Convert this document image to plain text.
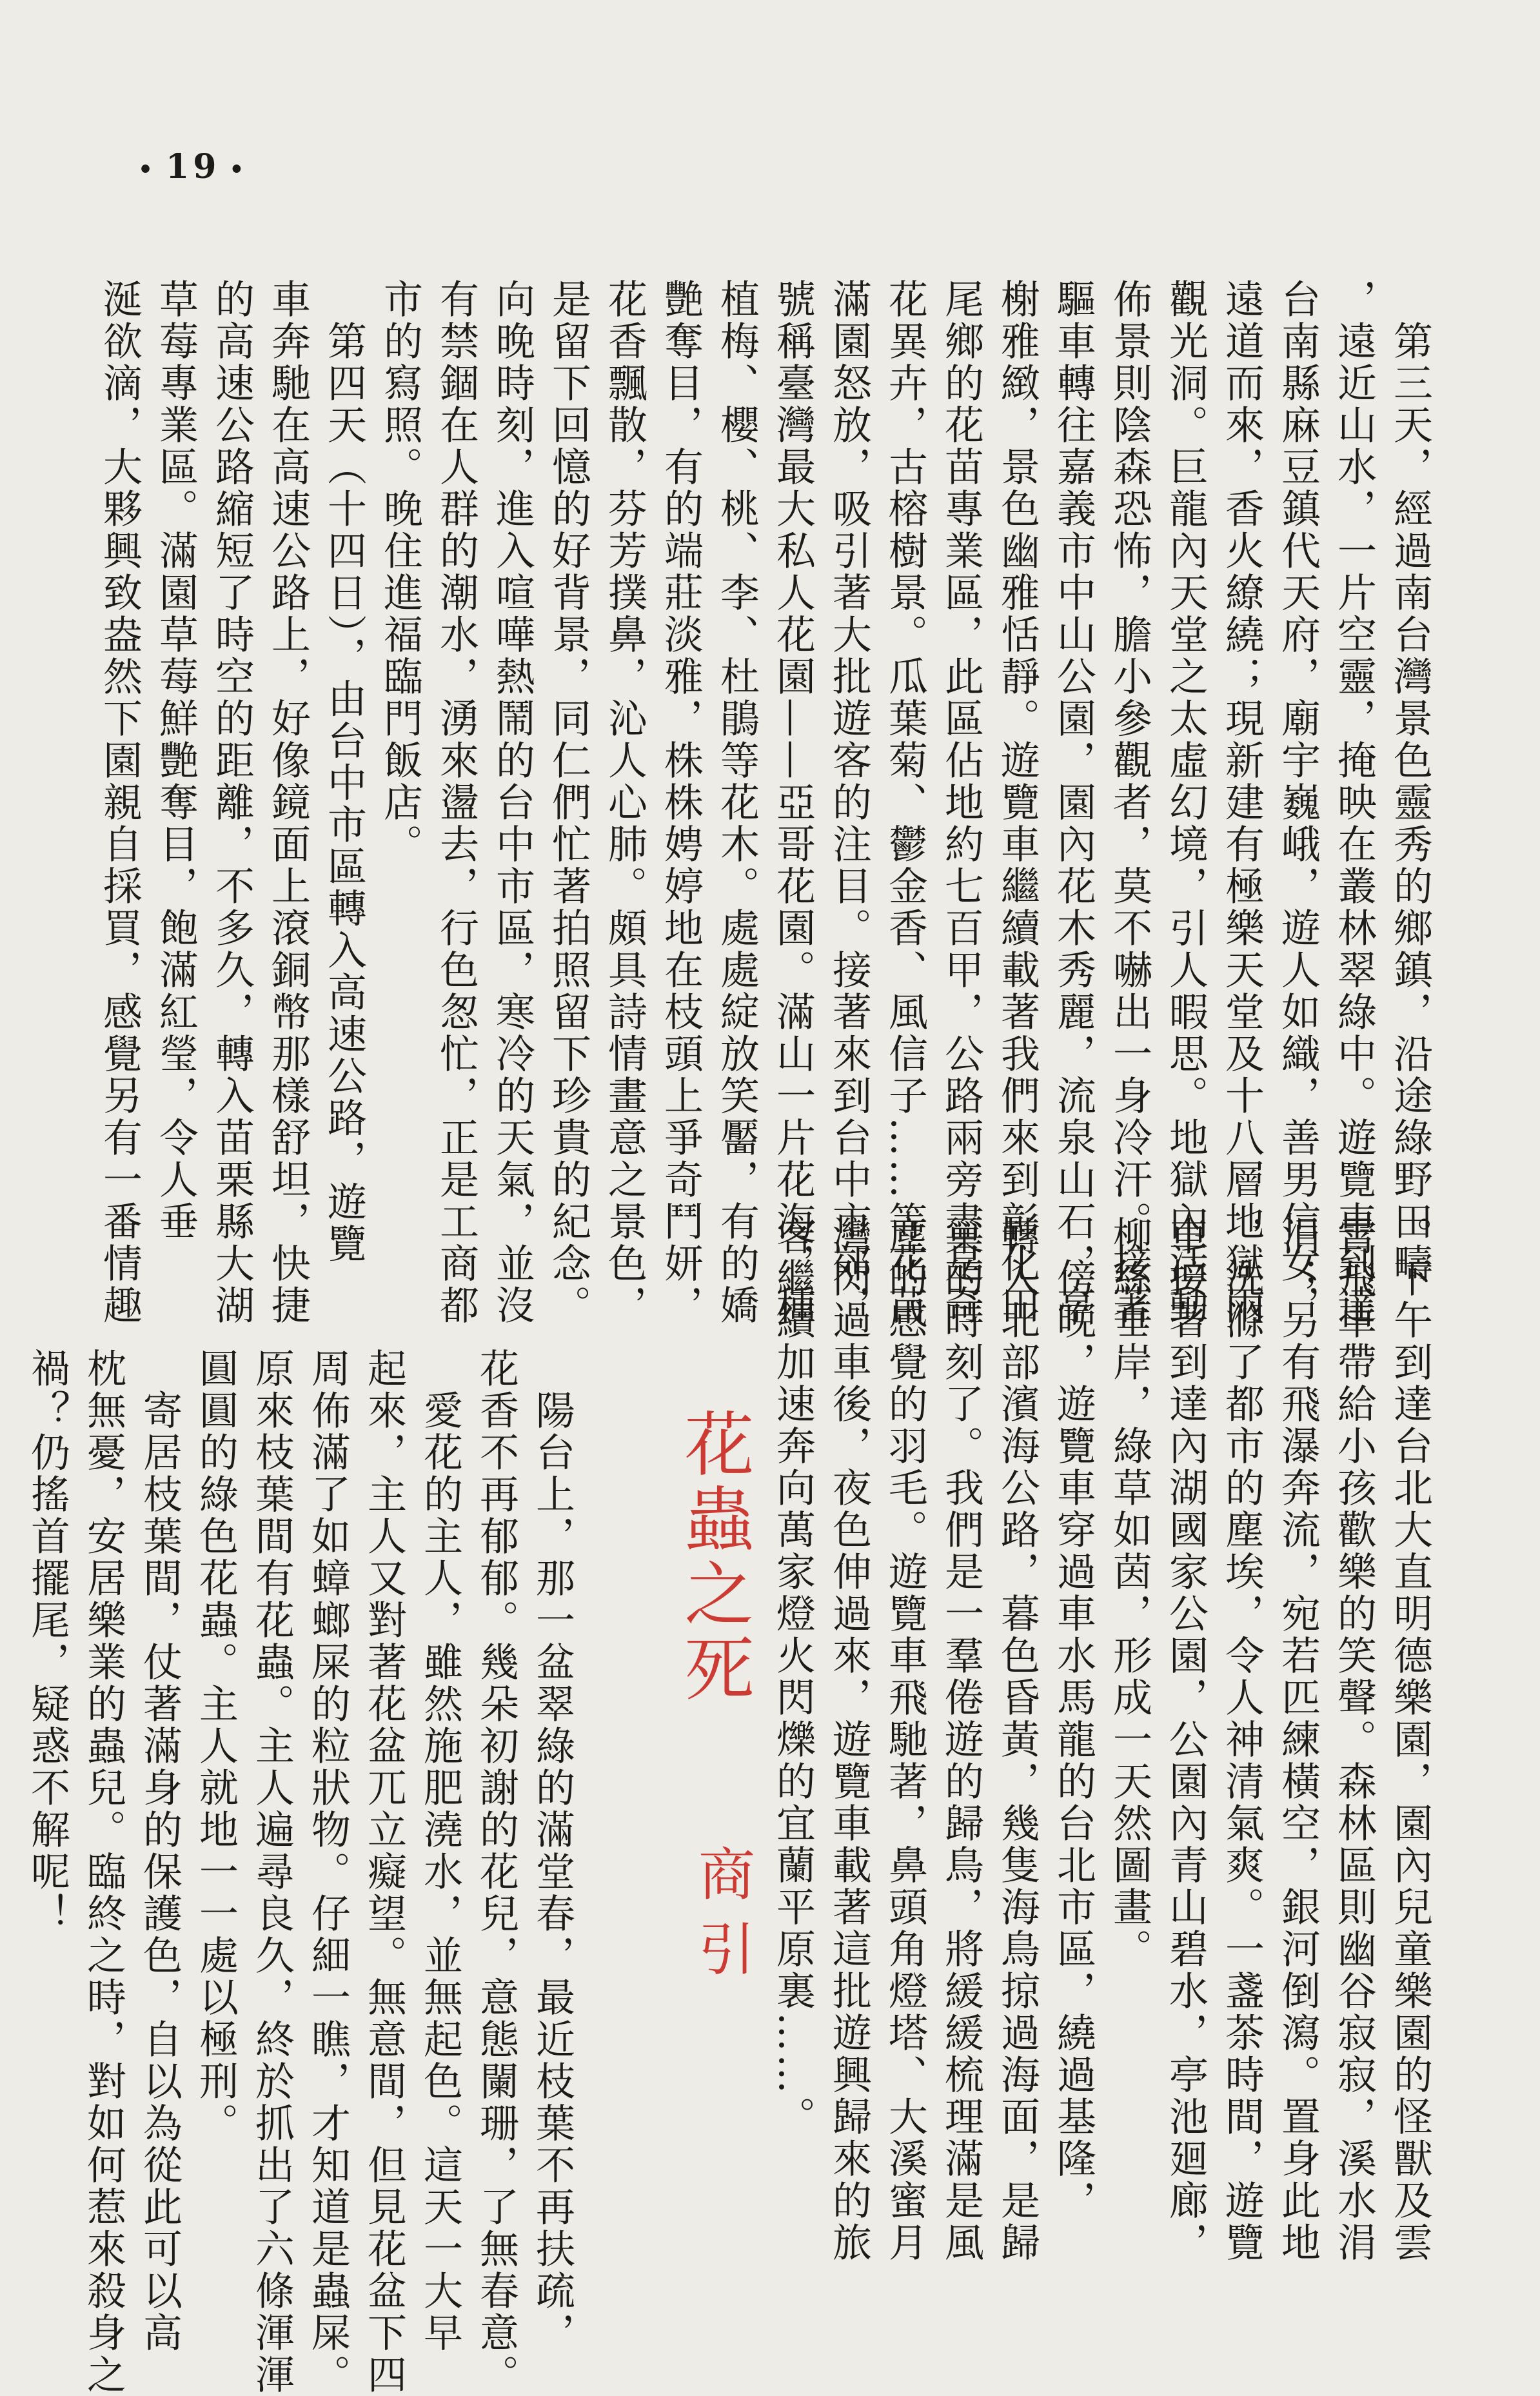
• 19 •
　第三天，經過南台灣景色靈秀的鄉鎮，沿途綠野田疇
，遠近山水，一片空靈，掩映在叢林翠綠中。遊覽車到達
台南縣麻豆鎮代天府，廟宇巍峨，遊人如織，善男信女，
遠道而來，香火繚繞；現新建有極樂天堂及十八層地獄兩
觀光洞。巨龍內天堂之太虛幻境，引人暇思。地獄內活動
佈景則陰森恐怖，膽小參觀者，莫不嚇出一身冷汗。接著
驅車轉往嘉義市中山公園，園內花木秀麗，流泉山石，亭
榭雅緻，景色幽雅恬靜。遊覽車繼續載著我們來到彰化田
尾鄉的花苗專業區，此區佔地約七百甲，公路兩旁盡是奇
花異卉，古榕樹景。瓜葉菊、鬱金香、風信子……等花苗
滿園怒放，吸引著大批遊客的注目。接著來到台中市郊，
號稱臺灣最大私人花園——亞哥花園。滿山一片花海，種
植梅、櫻、桃、李、杜鵑等花木。處處綻放笑靨，有的嬌
艷奪目，有的端莊淡雅，株株娉婷地在枝頭上爭奇鬥妍，
花香飄散，芬芳撲鼻，沁人心肺。頗具詩情畫意之景色，
是留下回憶的好背景，同仁們忙著拍照留下珍貴的紀念。
向晚時刻，進入喧嘩熱鬧的台中市區，寒冷的天氣，並沒
有禁錮在人群的潮水，湧來盪去，行色怱忙，正是工商都
市的寫照。晚住進福臨門飯店。
　第四天（十四日），由台中市區轉入高速公路，遊覽
車奔馳在高速公路上，好像鏡面上滾銅幣那樣舒坦，快捷
的高速公路縮短了時空的距離，不多久，轉入苗栗縣大湖
草莓專業區。滿園草莓鮮艷奪目，飽滿紅瑩，令人垂
涎欲滴，大夥興致盎然下園親自採買，感覺另有一番情趣
。下午到達台北大直明德樂園，園內兒童樂園的怪獸及雲
霄飛車帶給小孩歡樂的笑聲。森林區則幽谷寂寂，溪水涓
涓；另有飛瀑奔流，宛若匹練橫空，銀河倒瀉。置身此地
，洗滌了都市的塵埃，令人神清氣爽。一盞茶時間，遊覽
車接著到達內湖國家公園，公園內青山碧水，亭池廻廊，
柳絲垂岸，綠草如茵，形成一天然圖畫。
　傍晚，遊覽車穿過車水馬龍的台北市區，繞過基隆，
轉入北部濱海公路，暮色昏黃，幾隻海鳥掠過海面，是歸
巢的時刻了。我們是一羣倦遊的歸鳥，將緩緩梳理滿是風
塵的感覺的羽毛。遊覽車飛馳著，鼻頭角燈塔、大溪蜜月
灣閃過車後，夜色伸過來，遊覽車載著這批遊興歸來的旅
客繼續加速奔向萬家燈火閃爍的宜蘭平原裏……。
花蟲之死
商引
　陽台上，那一盆翠綠的滿堂春，最近枝葉不再扶疏，
花香不再郁郁。幾朵初謝的花兒，意態闌珊，了無春意。
　愛花的主人，雖然施肥澆水，並無起色。這天一大早
起來，主人又對著花盆兀立癡望。無意間，但見花盆下四
周佈滿了如蟑螂屎的粒狀物。仔細一瞧，才知道是蟲屎。
原來枝葉間有花蟲。主人遍尋良久，終於抓出了六條渾渾
圓圓的綠色花蟲。主人就地一一處以極刑。
　寄居枝葉間，仗著滿身的保護色，自以為從此可以高
枕無憂，安居樂業的蟲兒。臨終之時，對如何惹來殺身之
禍？仍搖首擺尾，疑惑不解呢！
